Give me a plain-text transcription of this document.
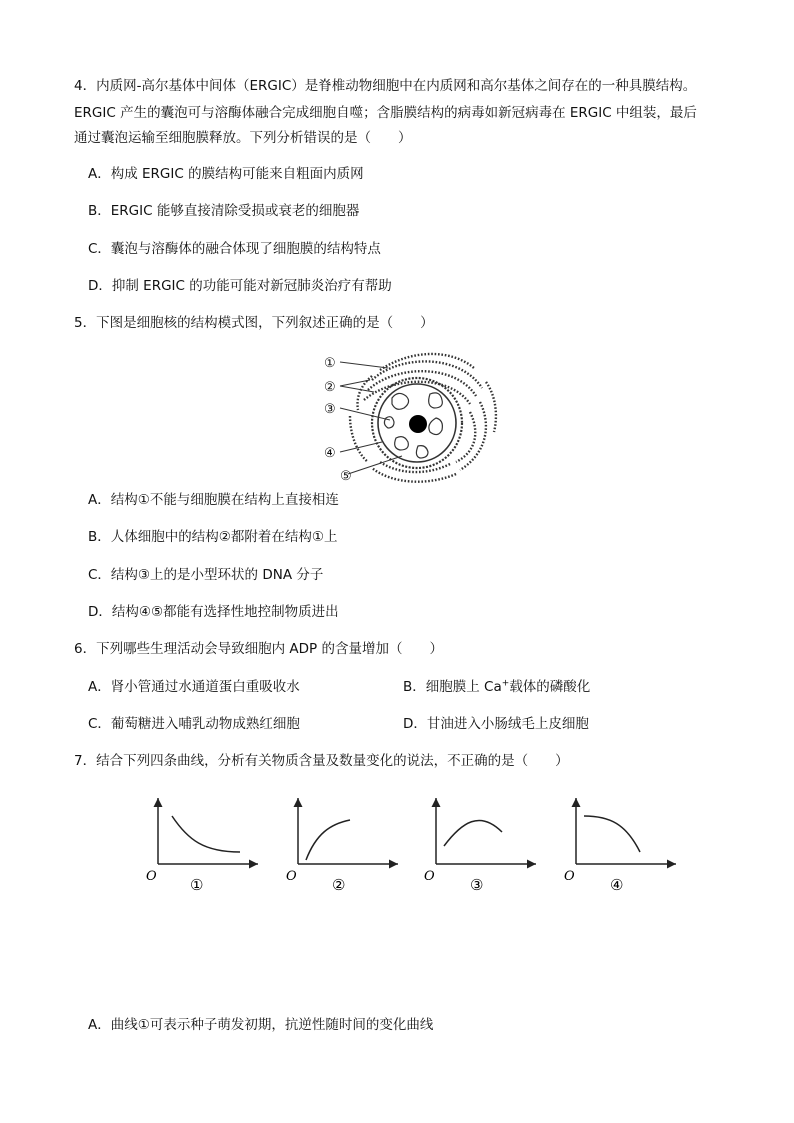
4．内质网-高尔基体中间体（ERGIC）是脊椎动物细胞中在内质网和高尔基体之间存在的一种具膜结构。
ERGIC 产生的囊泡可与溶酶体融合完成细胞自噬；含脂膜结构的病毒如新冠病毒在 ERGIC 中组装，最后
通过囊泡运输至细胞膜释放。下列分析错误的是（　　）
A．构成 ERGIC 的膜结构可能来自粗面内质网
B．ERGIC 能够直接清除受损或衰老的细胞器
C．囊泡与溶酶体的融合体现了细胞膜的结构特点
D．抑制 ERGIC 的功能可能对新冠肺炎治疗有帮助
5．下图是细胞核的结构模式图，下列叙述正确的是（　　）
①
②
③
④
⑤
A．结构①不能与细胞膜在结构上直接相连
B．人体细胞中的结构②都附着在结构①上
C．结构③上的是小型环状的 DNA 分子
D．结构④⑤都能有选择性地控制物质进出
6．下列哪些生理活动会导致细胞内 ADP 的含量增加（　　）
A．肾小管通过水通道蛋白重吸收水	B．细胞膜上 Ca+载体的磷酸化
C．葡萄糖进入哺乳动物成熟红细胞	D．甘油进入小肠绒毛上皮细胞
7．结合下列四条曲线，分析有关物质含量及数量变化的说法，不正确的是（　　）
O ①	O ②	O ③	O ④
A．曲线①可表示种子萌发初期，抗逆性随时间的变化曲线
